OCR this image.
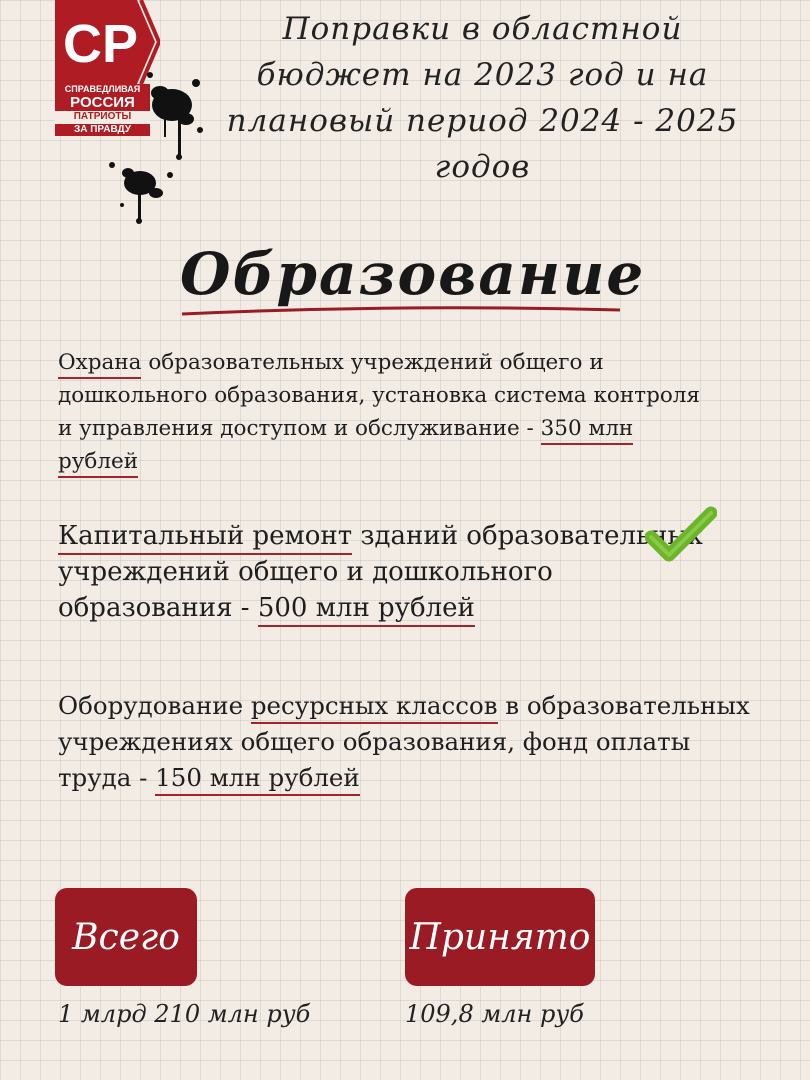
СР
СПРАВЕДЛИВАЯ
РОССИЯ
ПАТРИОТЫ
ЗА ПРАВДУ
Поправки в областной бюджет на 2023 год и на плановый период 2024 - 2025 годов
Образование
Охрана образовательных учреждений общего и дошкольного образования, установка система контроля и управления доступом и обслуживание - 350 млн рублей
Капитальный ремонт зданий образовательных учреждений общего и дошкольного образования - 500 млн рублей
Оборудование ресурсных классов в образовательных учреждениях общего образования, фонд оплаты труда - 150 млн рублей
Всего	Принято
1 млрд 210 млн руб	109,8 млн руб
